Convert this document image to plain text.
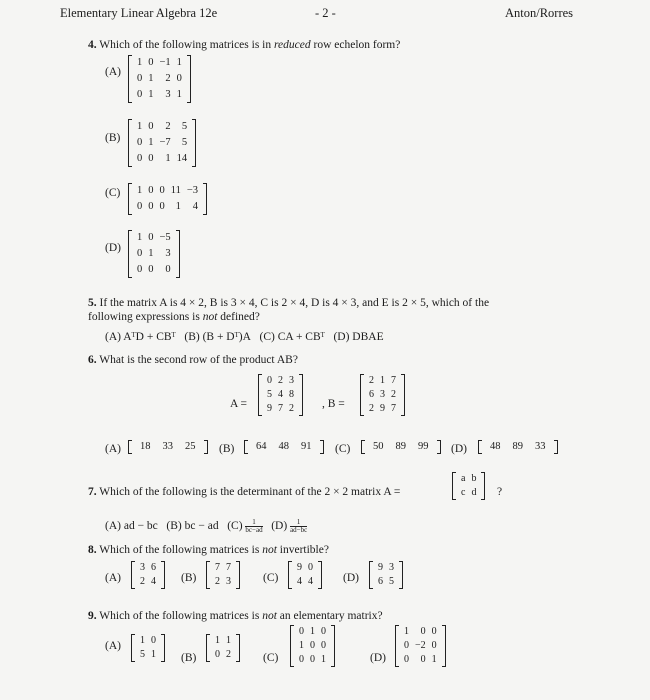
Elementary Linear Algebra 12e	- 2 -	Anton/Rorres
4. Which of the following matrices is in reduced row echelon form?
(A)
1	0	−1	1
0	1	2	0
0	1	3	1
(B)
1	0	2	5
0	1	−7	5
0	0	1	14
(C) 1	0	0	11	−3
0	0	0	1	4
(D)
1	0	−5
0	1	3
0	0	0
5. If the matrix A is 4 × 2, B is 3 × 4, C is 2 × 4, D is 4 × 3, and E is 2 × 5, which of the
following expressions is not defined?
(A) AᵀD + CBᵀ (B) (B + Dᵀ)A (C) CA + CBᵀ (D) DBAE
6. What is the second row of the product AB?
A =
0	2	3
5	4	8
9	7	2 , B =
2	1	7
6	3	2
2	9	7
(A) 18	33	25 (B) 64	48	91 (C) 50	89	99 (D) 48	89	33
7. Which of the following is the determinant of the 2 × 2 matrix A =
a	b
c	d ?
(A) ad − bc (B) bc − ad $(C) \frac{1}{bc-ad} (D) \frac{1}{ad-bc}$
8. Which of the following matrices is not invertible?
(A)
3	6
2	4 (B)
7	7
2	3	(C)
9	0
4	4	(D)
9	3
6	5
9. Which of the following matrices is not an elementary matrix?
(A) 1	0
5	1 (B)
1	1
0	2	(C)
0	1	0
1	0	0
0	0	1	(D)
1	0	0
0	−2	0
0	0	1
